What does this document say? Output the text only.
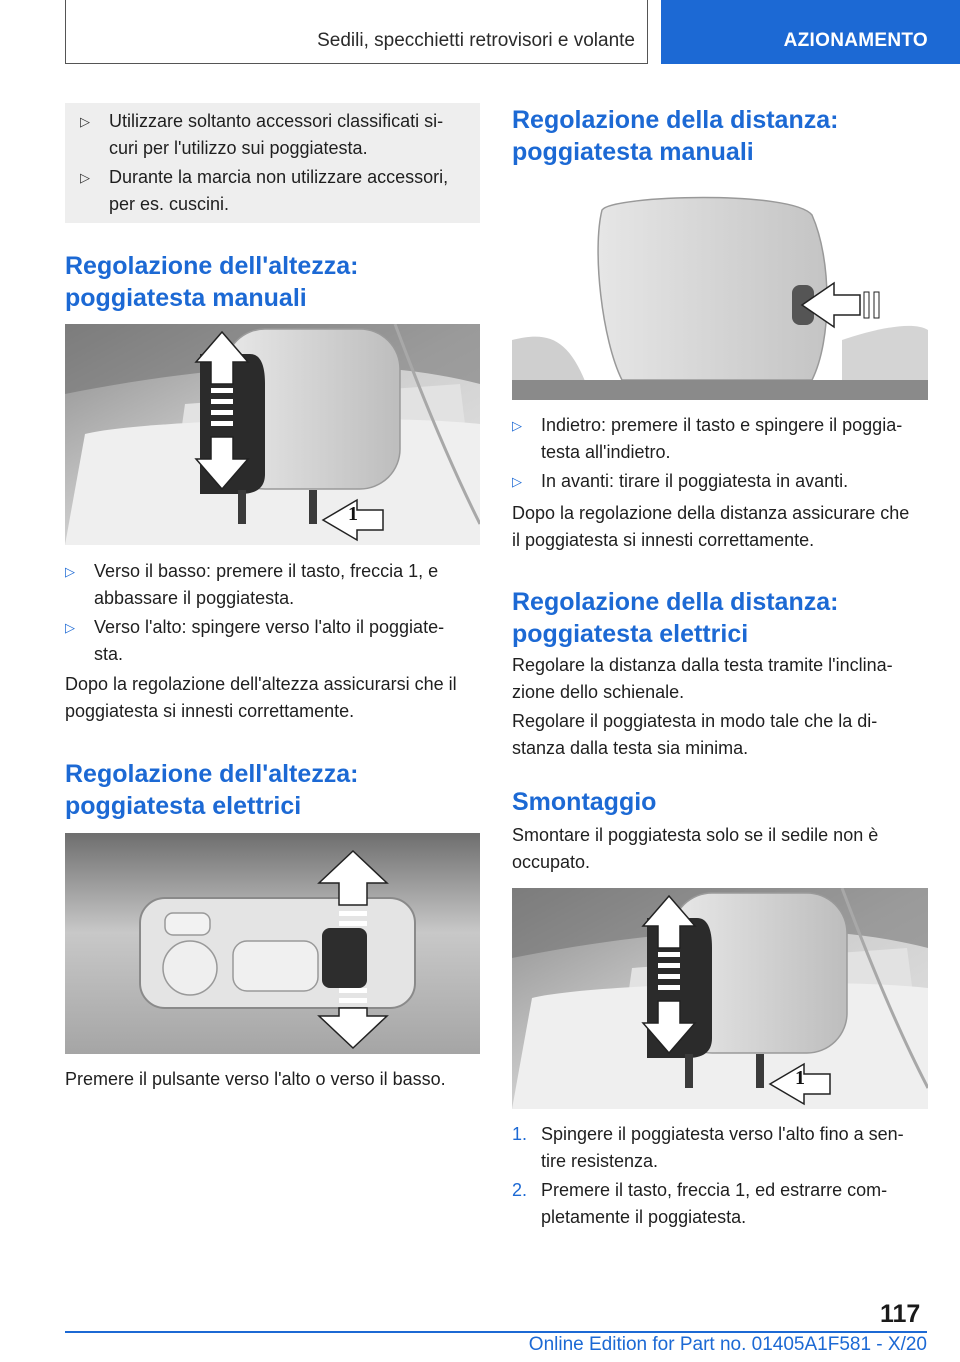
Sedili, specchietti retrovisori e volante	AZIONAMENTO
▷	Utilizzare soltanto accessori classificati si-
curi per l'utilizzo sui poggiatesta.
▷	Durante la marcia non utilizzare accessori,
per es. cuscini.
Regolazione dell'altezza:
poggiatesta manuali
1
▷	Verso il basso: premere il tasto, freccia 1, e
abbassare il poggiatesta.
▷	Verso l'alto: spingere verso l'alto il poggiate-
sta.
Dopo la regolazione dell'altezza assicurarsi che il
poggiatesta si innesti correttamente.
Regolazione dell'altezza:
poggiatesta elettrici
Premere il pulsante verso l'alto o verso il basso.
Regolazione della distanza:
poggiatesta manuali
▷	Indietro: premere il tasto e spingere il poggia-
testa all'indietro.
▷	In avanti: tirare il poggiatesta in avanti.
Dopo la regolazione della distanza assicurare che
il poggiatesta si innesti correttamente.
Regolazione della distanza:
poggiatesta elettrici
Regolare la distanza dalla testa tramite l'inclina-
zione dello schienale.
Regolare il poggiatesta in modo tale che la di-
stanza dalla testa sia minima.
Smontaggio
Smontare il poggiatesta solo se il sedile non è
occupato.
1
1. Spingere il poggiatesta verso l'alto fino a sen-
tire resistenza.
2. Premere il tasto, freccia 1, ed estrarre com-
pletamente il poggiatesta.
117
Online Edition for Part no. 01405A1F581 - X/20
